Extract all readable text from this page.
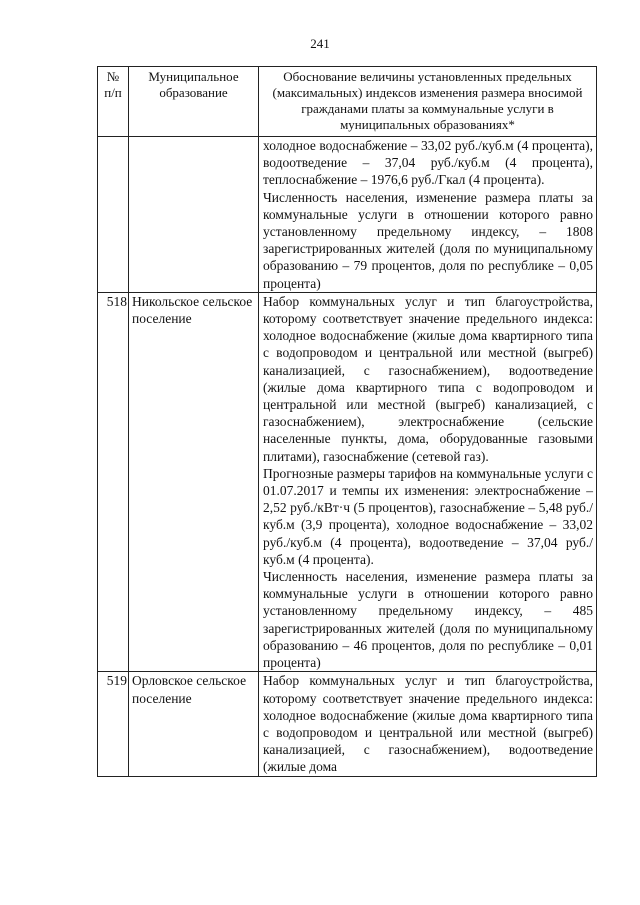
241
№ п/п	Муниципальное образование	Обоснование величины установленных предельных (максимальных) индексов изменения размера вносимой гражданами платы за коммунальные услуги в муниципальных образованиях*

		холодное водоснабжение – 33,02 руб./куб.м (4 процента), водоотведение – 37,04 руб./куб.м (4 процента), теплоснабжение – 1976,6 руб./Гкал (4 процента).

Численность населения, изменение размера платы за коммунальные услуги в отношении которого равно установленному предельному индексу, – 1808 зарегистрированных жителей (доля по муниципальному образованию – 79 процентов, доля по республике – 0,05 процента)

518	Никольское сельское поселение	Набор коммунальных услуг и тип благоустройства, которому соответствует значение предельного индекса: холодное водоснабжение (жилые дома квартирного типа с водопроводом и центральной или местной (выгреб) канализацией, с газоснабжением), водоотведение (жилые дома квартирного типа с водопроводом и центральной или местной (выгреб) канализацией, с газоснабжением), электроснабжение (сельские населенные пункты, дома, оборудованные газовыми плитами), газоснабжение (сетевой газ).

Прогнозные размеры тарифов на коммунальные услуги с 01.07.2017 и темпы их изменения: электроснабжение – 2,52 руб./кВт·ч (5 процентов), газоснабжение – 5,48 руб./куб.м (3,9 процента), холодное водоснабжение – 33,02 руб./куб.м (4 процента), водоотведение – 37,04 руб./куб.м (4 процента).

Численность населения, изменение размера платы за коммунальные услуги в отношении которого равно установленному предельному индексу, – 485 зарегистрированных жителей (доля по муниципальному образованию – 46 процентов, доля по республике – 0,01 процента)

519	Орловское сельское поселение	Набор коммунальных услуг и тип благоустройства, которому соответствует значение предельного индекса: холодное водоснабжение (жилые дома квартирного типа с водопроводом и центральной или местной (выгреб) канализацией, с газоснабжением), водоотведение (жилые дома
